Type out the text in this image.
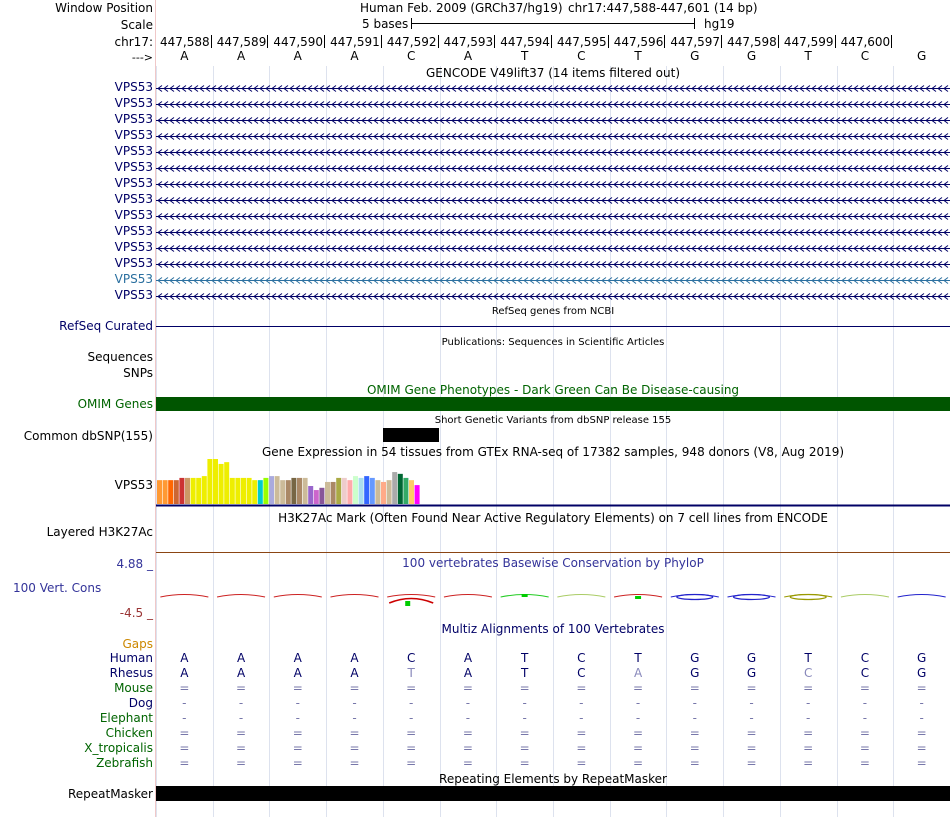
Window Position	Human Feb. 2009 (GRCh37/hg19) chr17:447,588-447,601 (14 bp)
Scale	5 bases	hg19
chr17:
--->
447,588 447,589 447,590 447,591 447,592 447,593 447,594 447,595 447,596 447,597 447,598 447,599 447,600
A	A	A	A	C	A	T	C	T	G	G	T	C	G
GENCODE V49lift37 (14 items filtered out)
VPS53
VPS53
VPS53
VPS53
VPS53
VPS53
VPS53
VPS53
VPS53
VPS53
VPS53
VPS53
VPS53
VPS53
RefSeq Curated
RefSeq genes from NCBI
Publications: Sequences in Scientific Articles
Sequences
SNPs
OMIM Gene Phenotypes - Dark Green Can Be Disease-causing
OMIM Genes
Short Genetic Variants from dbSNP release 155
Common dbSNP(155)
Gene Expression in 54 tissues from GTEx RNA-seq of 17382 samples, 948 donors (V8, Aug 2019)
VPS53
H3K27Ac Mark (Often Found Near Active Regulatory Elements) on 7 cell lines from ENCODE
Layered H3K27Ac
100 vertebrates Basewise Conservation by PhyloP
4.88 _
100 Vert. Cons
-4.5 _
Multiz Alignments of 100 Vertebrates
Gaps
Human	A	A	A	A	C	A	T	C	T	G	G	T	C	G
Rhesus	A	A	A	A	T	A	T	C	A	G	G	C	C	G
Mouse	=	=	=	=	=	=	=	=	=	=	=	=	=	=
Dog	-	-	-	-	-	-	-	-	-	-	-	-	-	-
Elephant	-	-	-	-	-	-	-	-	-	-	-	-	-	-
Chicken	=	=	=	=	=	=	=	=	=	=	=	=	=	=
X_tropicalis	=	=	=	=	=	=	=	=	=	=	=	=	=	=
Zebrafish	=	=	=	=	=	=	=	=	=	=	=	=	=	=
Repeating Elements by RepeatMasker
RepeatMasker
